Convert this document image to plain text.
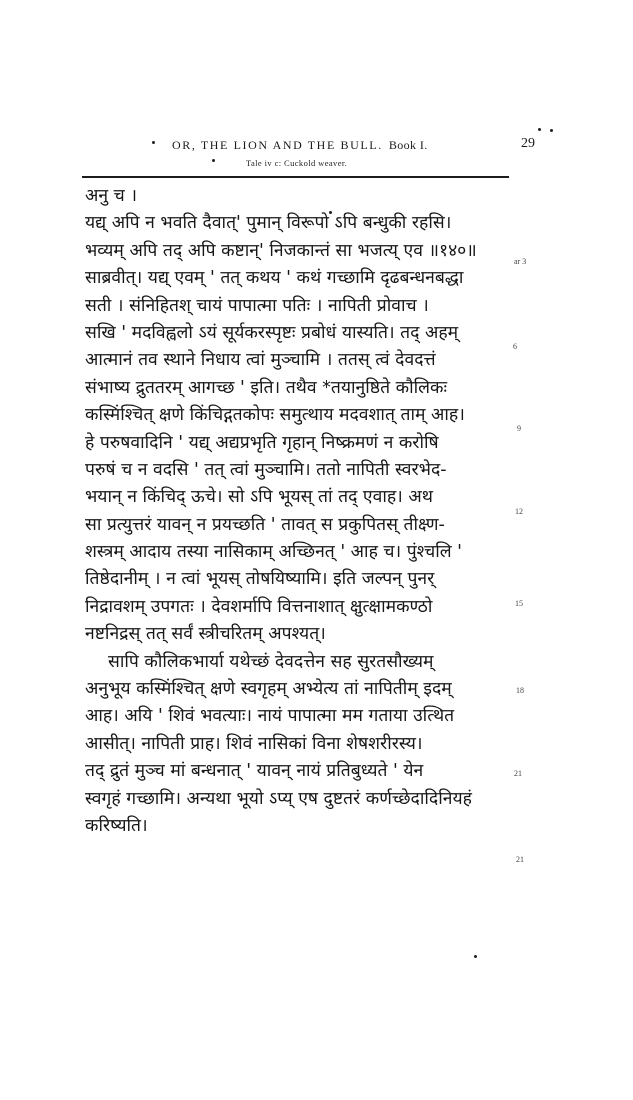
OR, THE LION AND THE BULL. Book I.	29
Tale iv c: Cuckold weaver.
अनु च ।
यद्य् अपि न भवति दैवात्' पुमान् विरूपो ऽपि बन्धुकी रहसि।
भव्यम् अपि तद् अपि कष्टान्' निजकान्तं सा भजत्य् एव ॥१४०॥
साब्रवीत्। यद्य् एवम् ' तत् कथय ' कथं गच्छामि दृढबन्धनबद्धा
सती । संनिहितश् चायं पापात्मा पतिः । नापिती प्रोवाच ।
सखि ' मदविह्वलो ऽयं सूर्यकरस्पृष्टः प्रबोधं यास्यति। तद् अहम्
आत्मानं तव स्थाने निधाय त्वां मुञ्चामि । ततस् त्वं देवदत्तं
संभाष्य द्रुततरम् आगच्छ ' इति। तथैव *तयानुष्ठिते कौलिकः
कस्मिंश्चित् क्षणे किंचिद्गतकोपः समुत्थाय मदवशात् ताम् आह।
हे परुषवादिनि ' यद्य् अद्यप्रभृति गृहान् निष्क्रमणं न करोषि
परुषं च न वदसि ' तत् त्वां मुञ्चामि। ततो नापिती स्वरभेद-
भयान् न किंचिद् ऊचे। सो ऽपि भूयस् तां तद् एवाह। अथ
सा प्रत्युत्तरं यावन् न प्रयच्छति ' तावत् स प्रकुपितस् तीक्ष्ण-
शस्त्रम् आदाय तस्या नासिकाम् अच्छिनत् ' आह च। पुंश्चलि '
तिष्ठेदानीम् । न त्वां भूयस् तोषयिष्यामि। इति जल्पन् पुनर्
निद्रावशम् उपगतः । देवशर्मापि वित्तनाशात् क्षुत्क्षामकण्ठो
नष्टनिद्रस् तत् सर्वं स्त्रीचरितम् अपश्यत्।
सापि कौलिकभार्या यथेच्छं देवदत्तेन सह सुरतसौख्यम्
अनुभूय कस्मिंश्चित् क्षणे स्वगृहम् अभ्येत्य तां नापितीम् इदम्
आह। अयि ' शिवं भवत्याः। नायं पापात्मा मम गताया उत्थित
आसीत्। नापिती प्राह। शिवं नासिकां विना शेषशरीरस्य।
तद् द्रुतं मुञ्च मां बन्धनात् ' यावन् नायं प्रतिबुध्यते ' येन
स्वगृहं गच्छामि। अन्यथा भूयो ऽप्य् एष दुष्टतरं कर्णच्छेदादिनियहं
करिष्यति।
ar 3
6
9
12
15
18
21
21
